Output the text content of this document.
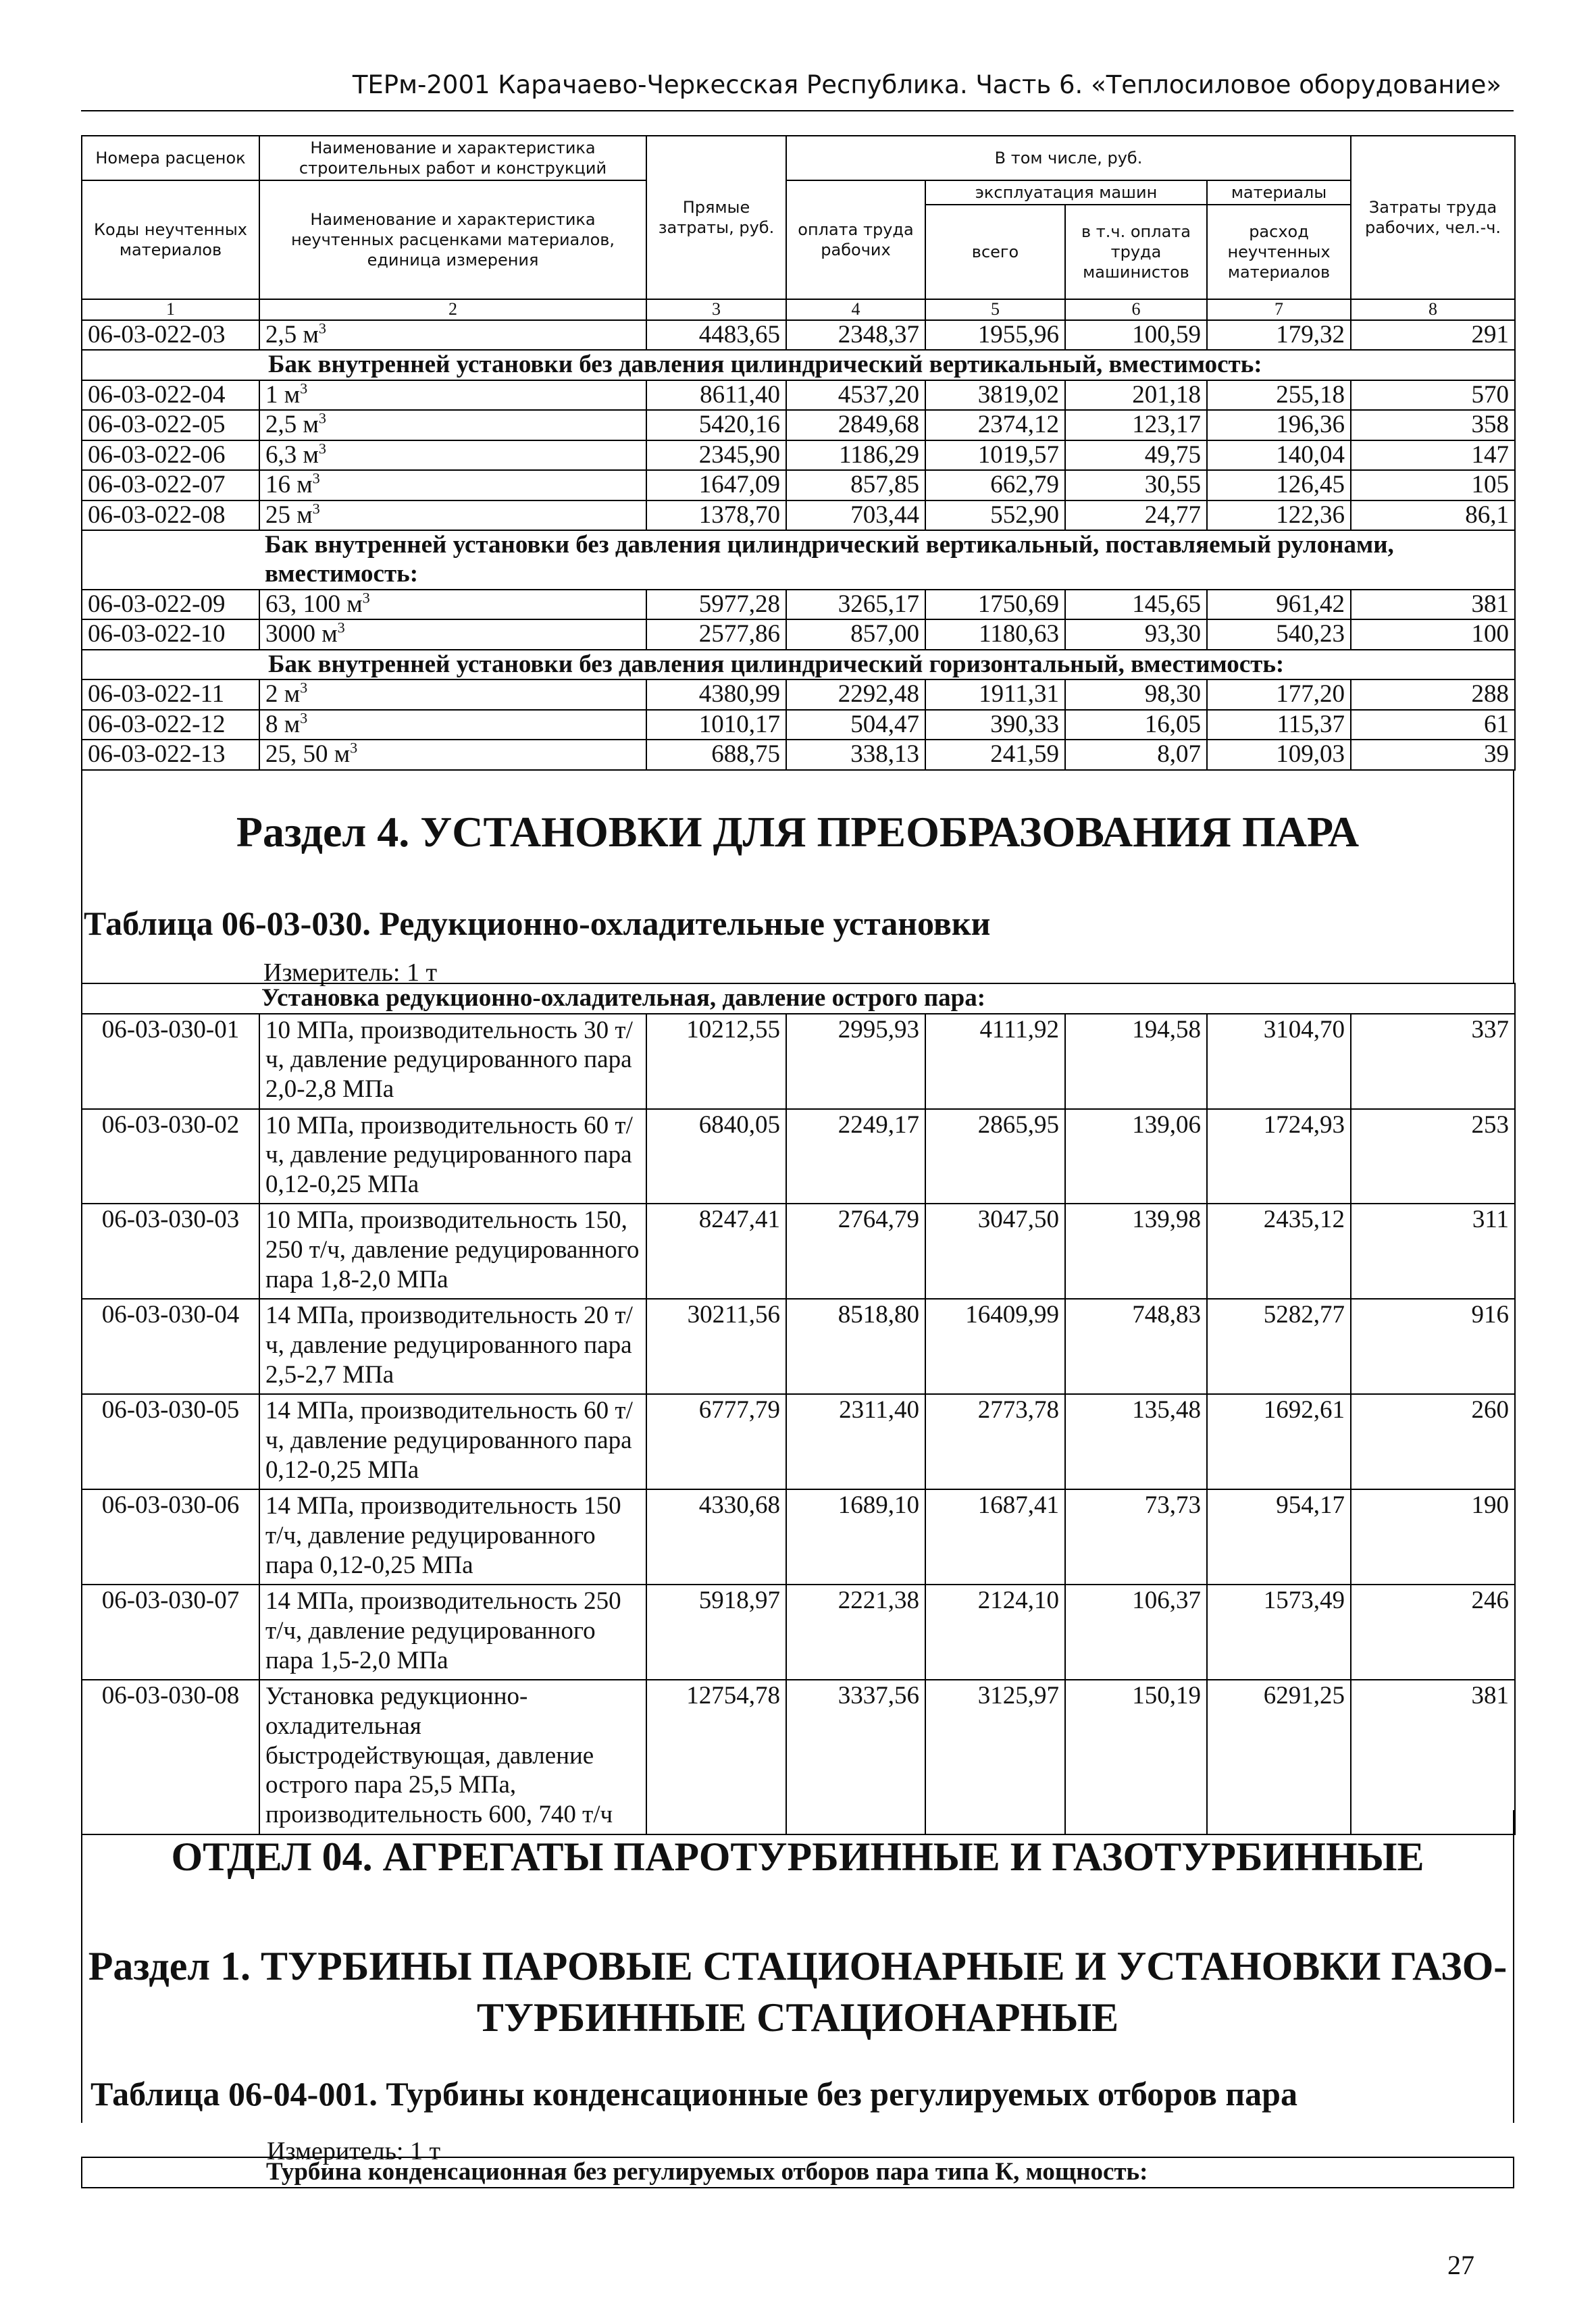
ТЕРм-2001 Карачаево-Черкесская Республика. Часть 6. «Теплосиловое оборудование»
Номера расценок	Наименование и характеристика строительных работ и конструкций	Прямые затраты, руб.	В том числе, руб.				Затраты труда рабочих, чел.-ч.
Коды неучтенных материалов	Наименование и характеристика неучтенных расценками материалов, единица измерения		оплата труда рабочих	эксплуатация машин		материалы	
				всего	в т.ч. оплата труда машинистов	расход неучтенных материалов	
1	2	3	4	5	6	7	8
06-03-022-03	2,5 $м^3$	4483,65	2348,37	1955,96	100,59	179,32	291
Бак внутренней установки без давления цилиндрический вертикальный, вместимость:							
06-03-022-04	1 $м^3$	8611,40	4537,20	3819,02	201,18	255,18	570
06-03-022-05	2,5 $м^3$	5420,16	2849,68	2374,12	123,17	196,36	358
06-03-022-06	6,3 $м^3$	2345,90	1186,29	1019,57	49,75	140,04	147
06-03-022-07	16 $м^3$	1647,09	857,85	662,79	30,55	126,45	105
06-03-022-08	25 $м^3$	1378,70	703,44	552,90	24,77	122,36	86,1
Бак внутренней установки без давления цилиндрический вертикальный, поставляемый рулонами, вместимость:							
06-03-022-09	63, 100 $м^3$	5977,28	3265,17	1750,69	145,65	961,42	381
06-03-022-10	3000 $м^3$	2577,86	857,00	1180,63	93,30	540,23	100
Бак внутренней установки без давления цилиндрический горизонтальный, вместимость:							
06-03-022-11	2 $м^3$	4380,99	2292,48	1911,31	98,30	177,20	288
06-03-022-12	8 $м^3$	1010,17	504,47	390,33	16,05	115,37	61
06-03-022-13	25, 50 $м^3$	688,75	338,13	241,59	8,07	109,03	39
Раздел 4. УСТАНОВКИ ДЛЯ ПРЕОБРАЗОВАНИЯ ПАРА
Таблица 06-03-030. Редукционно-охладительные установки
Измеритель: 1 т
Установка редукционно-охладительная, давление острого пара:							
06-03-030-01	10 МПа, производительность 30 т/ч, давление редуцированного пара 2,0-2,8 МПа	10212,55	2995,93	4111,92	194,58	3104,70	337
06-03-030-02	10 МПа, производительность 60 т/ч, давление редуцированного пара 0,12-0,25 МПа	6840,05	2249,17	2865,95	139,06	1724,93	253
06-03-030-03	10 МПа, производительность 150, 250 т/ч, давление редуцированного пара 1,8-2,0 МПа	8247,41	2764,79	3047,50	139,98	2435,12	311
06-03-030-04	14 МПа, производительность 20 т/ч, давление редуцированного пара 2,5-2,7 МПа	30211,56	8518,80	16409,99	748,83	5282,77	916
06-03-030-05	14 МПа, производительность 60 т/ч, давление редуцированного пара 0,12-0,25 МПа	6777,79	2311,40	2773,78	135,48	1692,61	260
06-03-030-06	14 МПа, производительность 150 т/ч, давление редуцированного пара 0,12-0,25 МПа	4330,68	1689,10	1687,41	73,73	954,17	190
06-03-030-07	14 МПа, производительность 250 т/ч, давление редуцированного пара 1,5-2,0 МПа	5918,97	2221,38	2124,10	106,37	1573,49	246
06-03-030-08	Установка редукционно-охладительная быстродействующая, давление острого пара 25,5 МПа, производительность 600, 740 т/ч	12754,78	3337,56	3125,97	150,19	6291,25	381
ОТДЕЛ 04. АГРЕГАТЫ ПАРОТУРБИННЫЕ И ГАЗОТУРБИННЫЕ
Раздел 1. ТУРБИНЫ ПАРОВЫЕ СТАЦИОНАРНЫЕ И УСТАНОВКИ ГАЗО-
ТУРБИННЫЕ СТАЦИОНАРНЫЕ
Таблица 06-04-001. Турбины конденсационные без регулируемых отборов пара
Измеритель: 1 т
Турбина конденсационная без регулируемых отборов пара типа К, мощность:
27
